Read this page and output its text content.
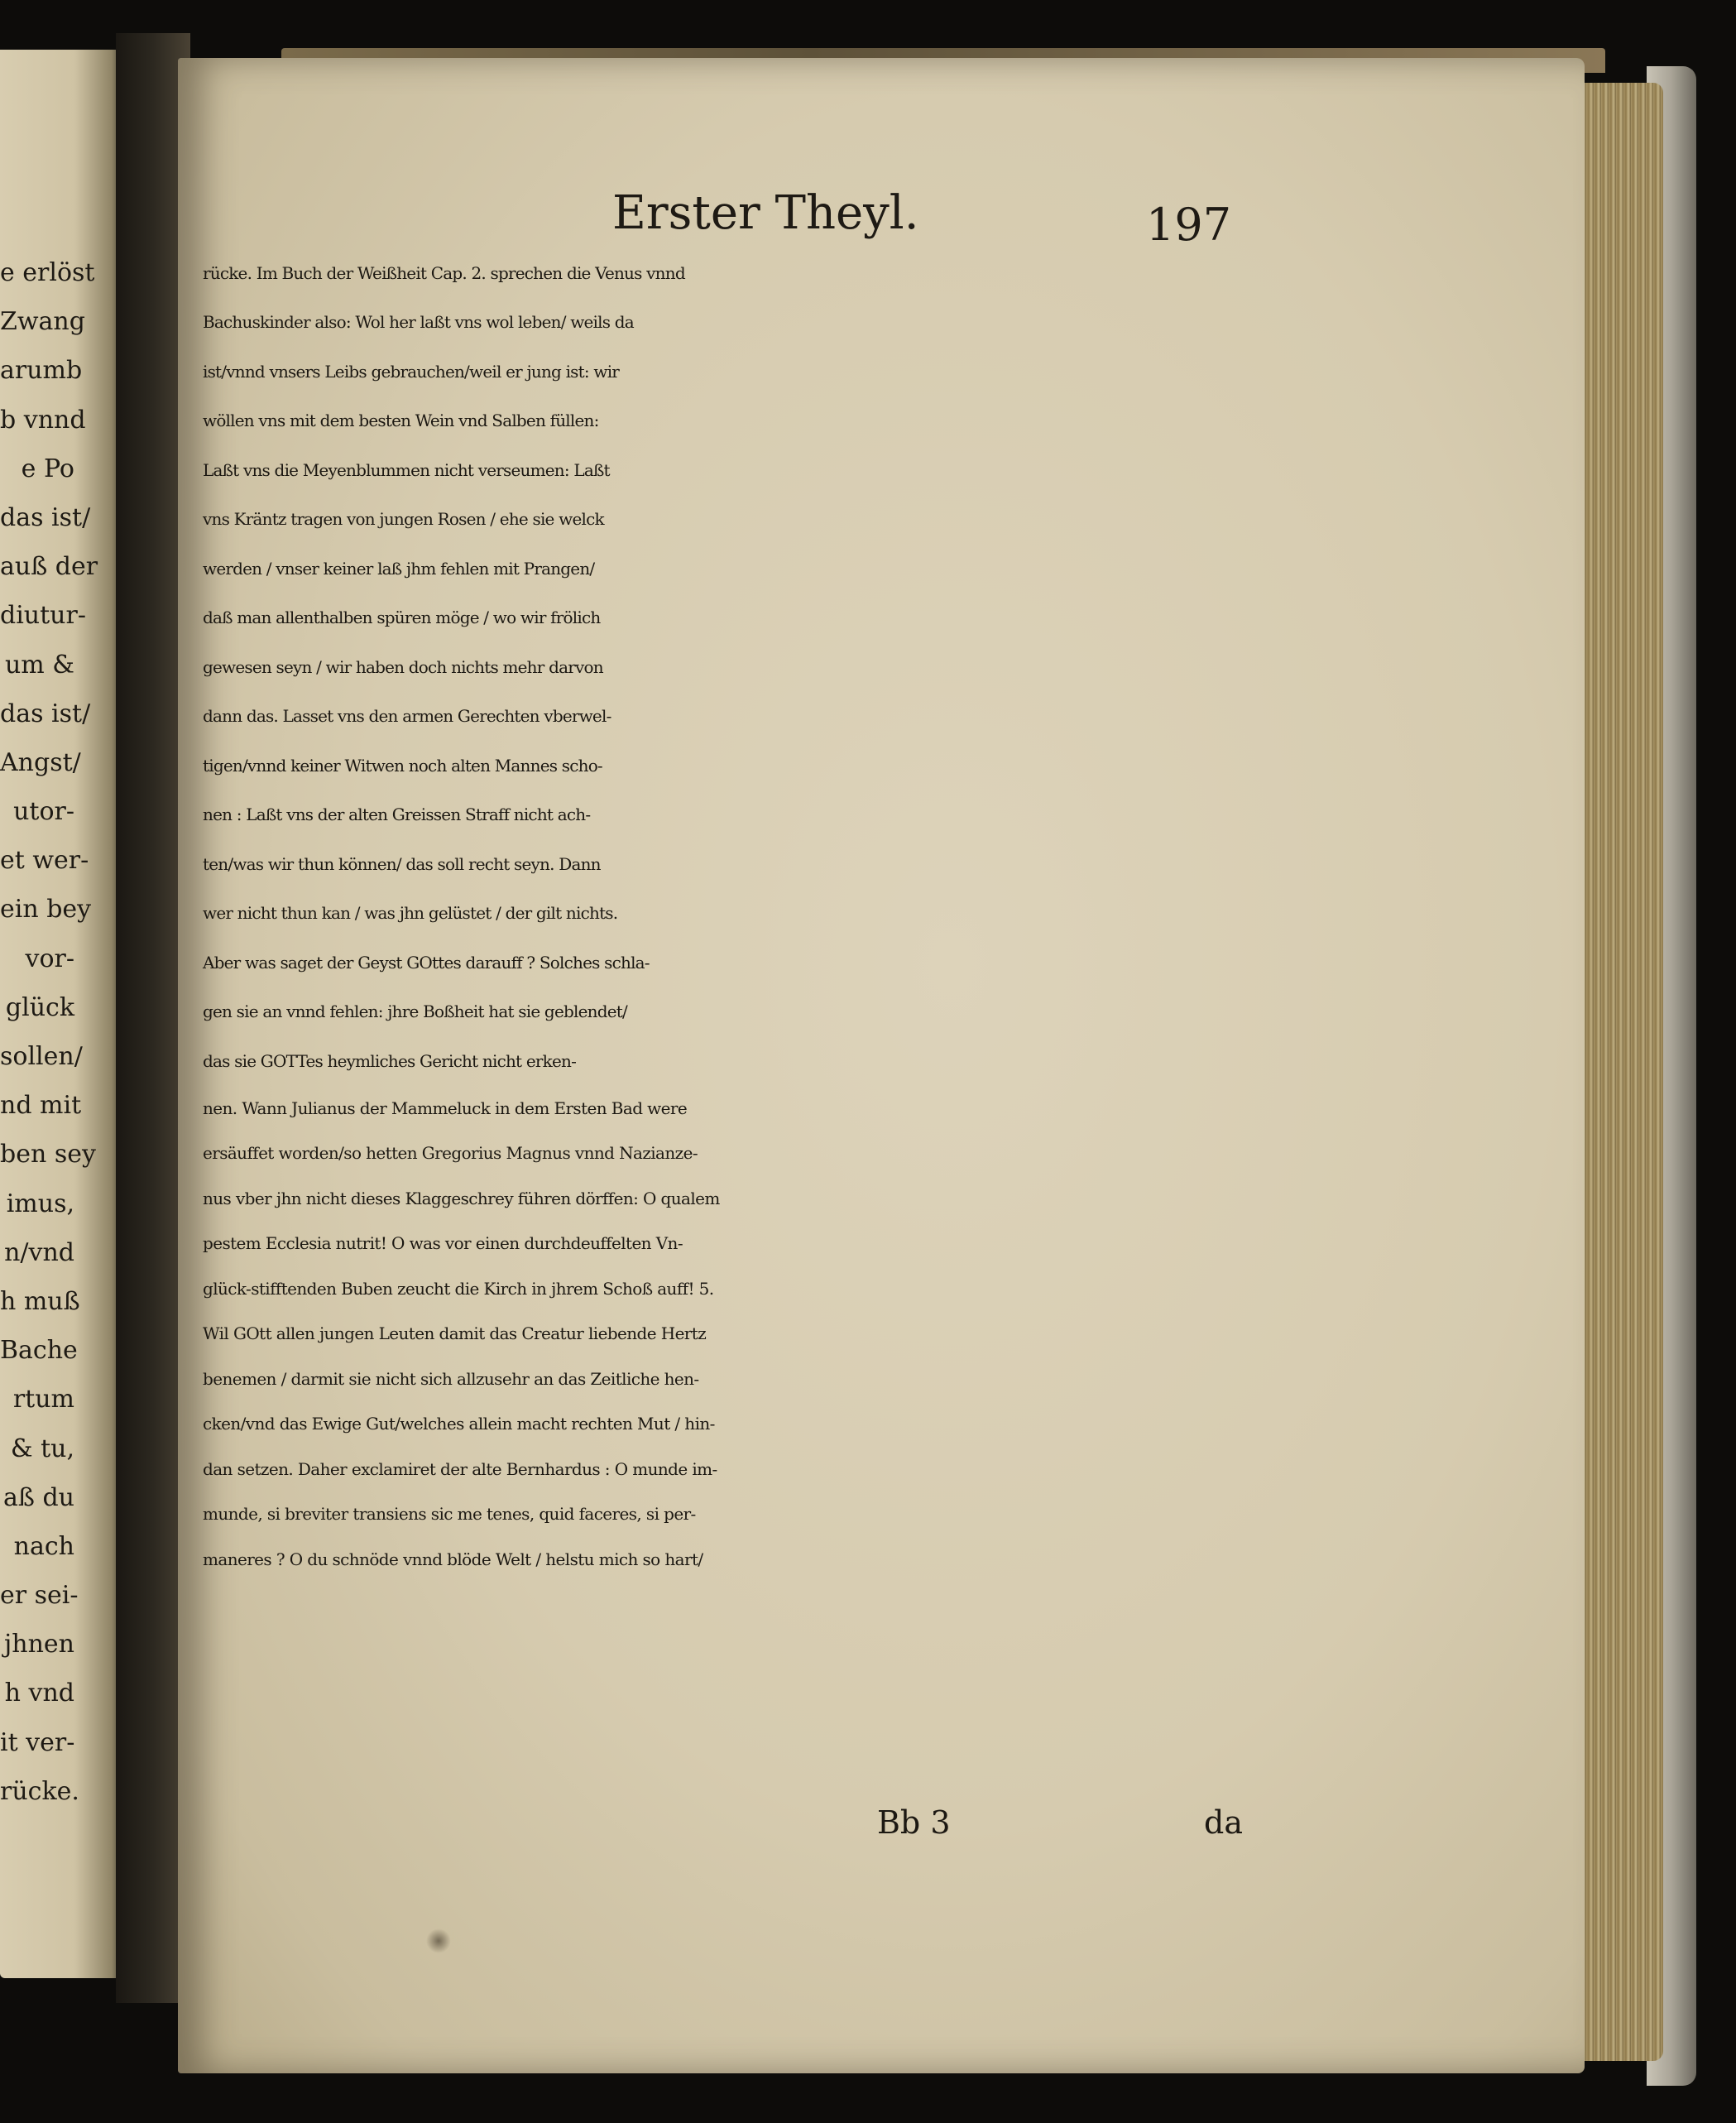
e erlöst
Zwang
arumb
b vnnd
e Po
das ist/
auß der
diutur-
um &
das ist/
Angst/
utor-
et wer-
ein bey
vor-
glück
sollen/
nd mit
ben sey
imus,
n/vnd
h muß
Bache
rtum
& tu,
aß du
nach
er sei-
jhnen
h vnd
it ver-
rücke.
Erster Theyl.	197
rücke. Im Buch der Weißheit Cap. 2. sprechen die Venus vnnd
Bachuskinder also: Wol her laßt vns wol leben/ weils da
ist/vnnd vnsers Leibs gebrauchen/weil er jung ist: wir
wöllen vns mit dem besten Wein vnd Salben füllen:
Laßt vns die Meyenblummen nicht verseumen: Laßt
vns Kräntz tragen von jungen Rosen / ehe sie welck
werden / vnser keiner laß jhm fehlen mit Prangen/
daß man allenthalben spüren möge / wo wir frölich
gewesen seyn / wir haben doch nichts mehr darvon
dann das. Lasset vns den armen Gerechten vberwel-
tigen/vnnd keiner Witwen noch alten Mannes scho-
nen : Laßt vns der alten Greissen Straff nicht ach-
ten/was wir thun können/ das soll recht seyn. Dann
wer nicht thun kan / was jhn gelüstet / der gilt nichts.
Aber was saget der Geyst GOttes darauff ? Solches schla-
gen sie an vnnd fehlen: jhre Boßheit hat sie geblendet/
das sie GOTTes heymliches Gericht nicht erken-
nen. Wann Julianus der Mammeluck in dem Ersten Bad were
ersäuffet worden/so hetten Gregorius Magnus vnnd Nazianze-
nus vber jhn nicht dieses Klaggeschrey führen dörffen: O qualem
pestem Ecclesia nutrit! O was vor einen durchdeuffelten Vn-
glück-stifftenden Buben zeucht die Kirch in jhrem Schoß auff! 5.
Wil GOtt allen jungen Leuten damit das Creatur liebende Hertz
benemen / darmit sie nicht sich allzusehr an das Zeitliche hen-
cken/vnd das Ewige Gut/welches allein macht rechten Mut / hin-
dan setzen. Daher exclamiret der alte Bernhardus : O munde im-
munde, si breviter transiens sic me tenes, quid faceres, si per-
maneres ? O du schnöde vnnd blöde Welt / helstu mich so hart/
Bb 3	da
